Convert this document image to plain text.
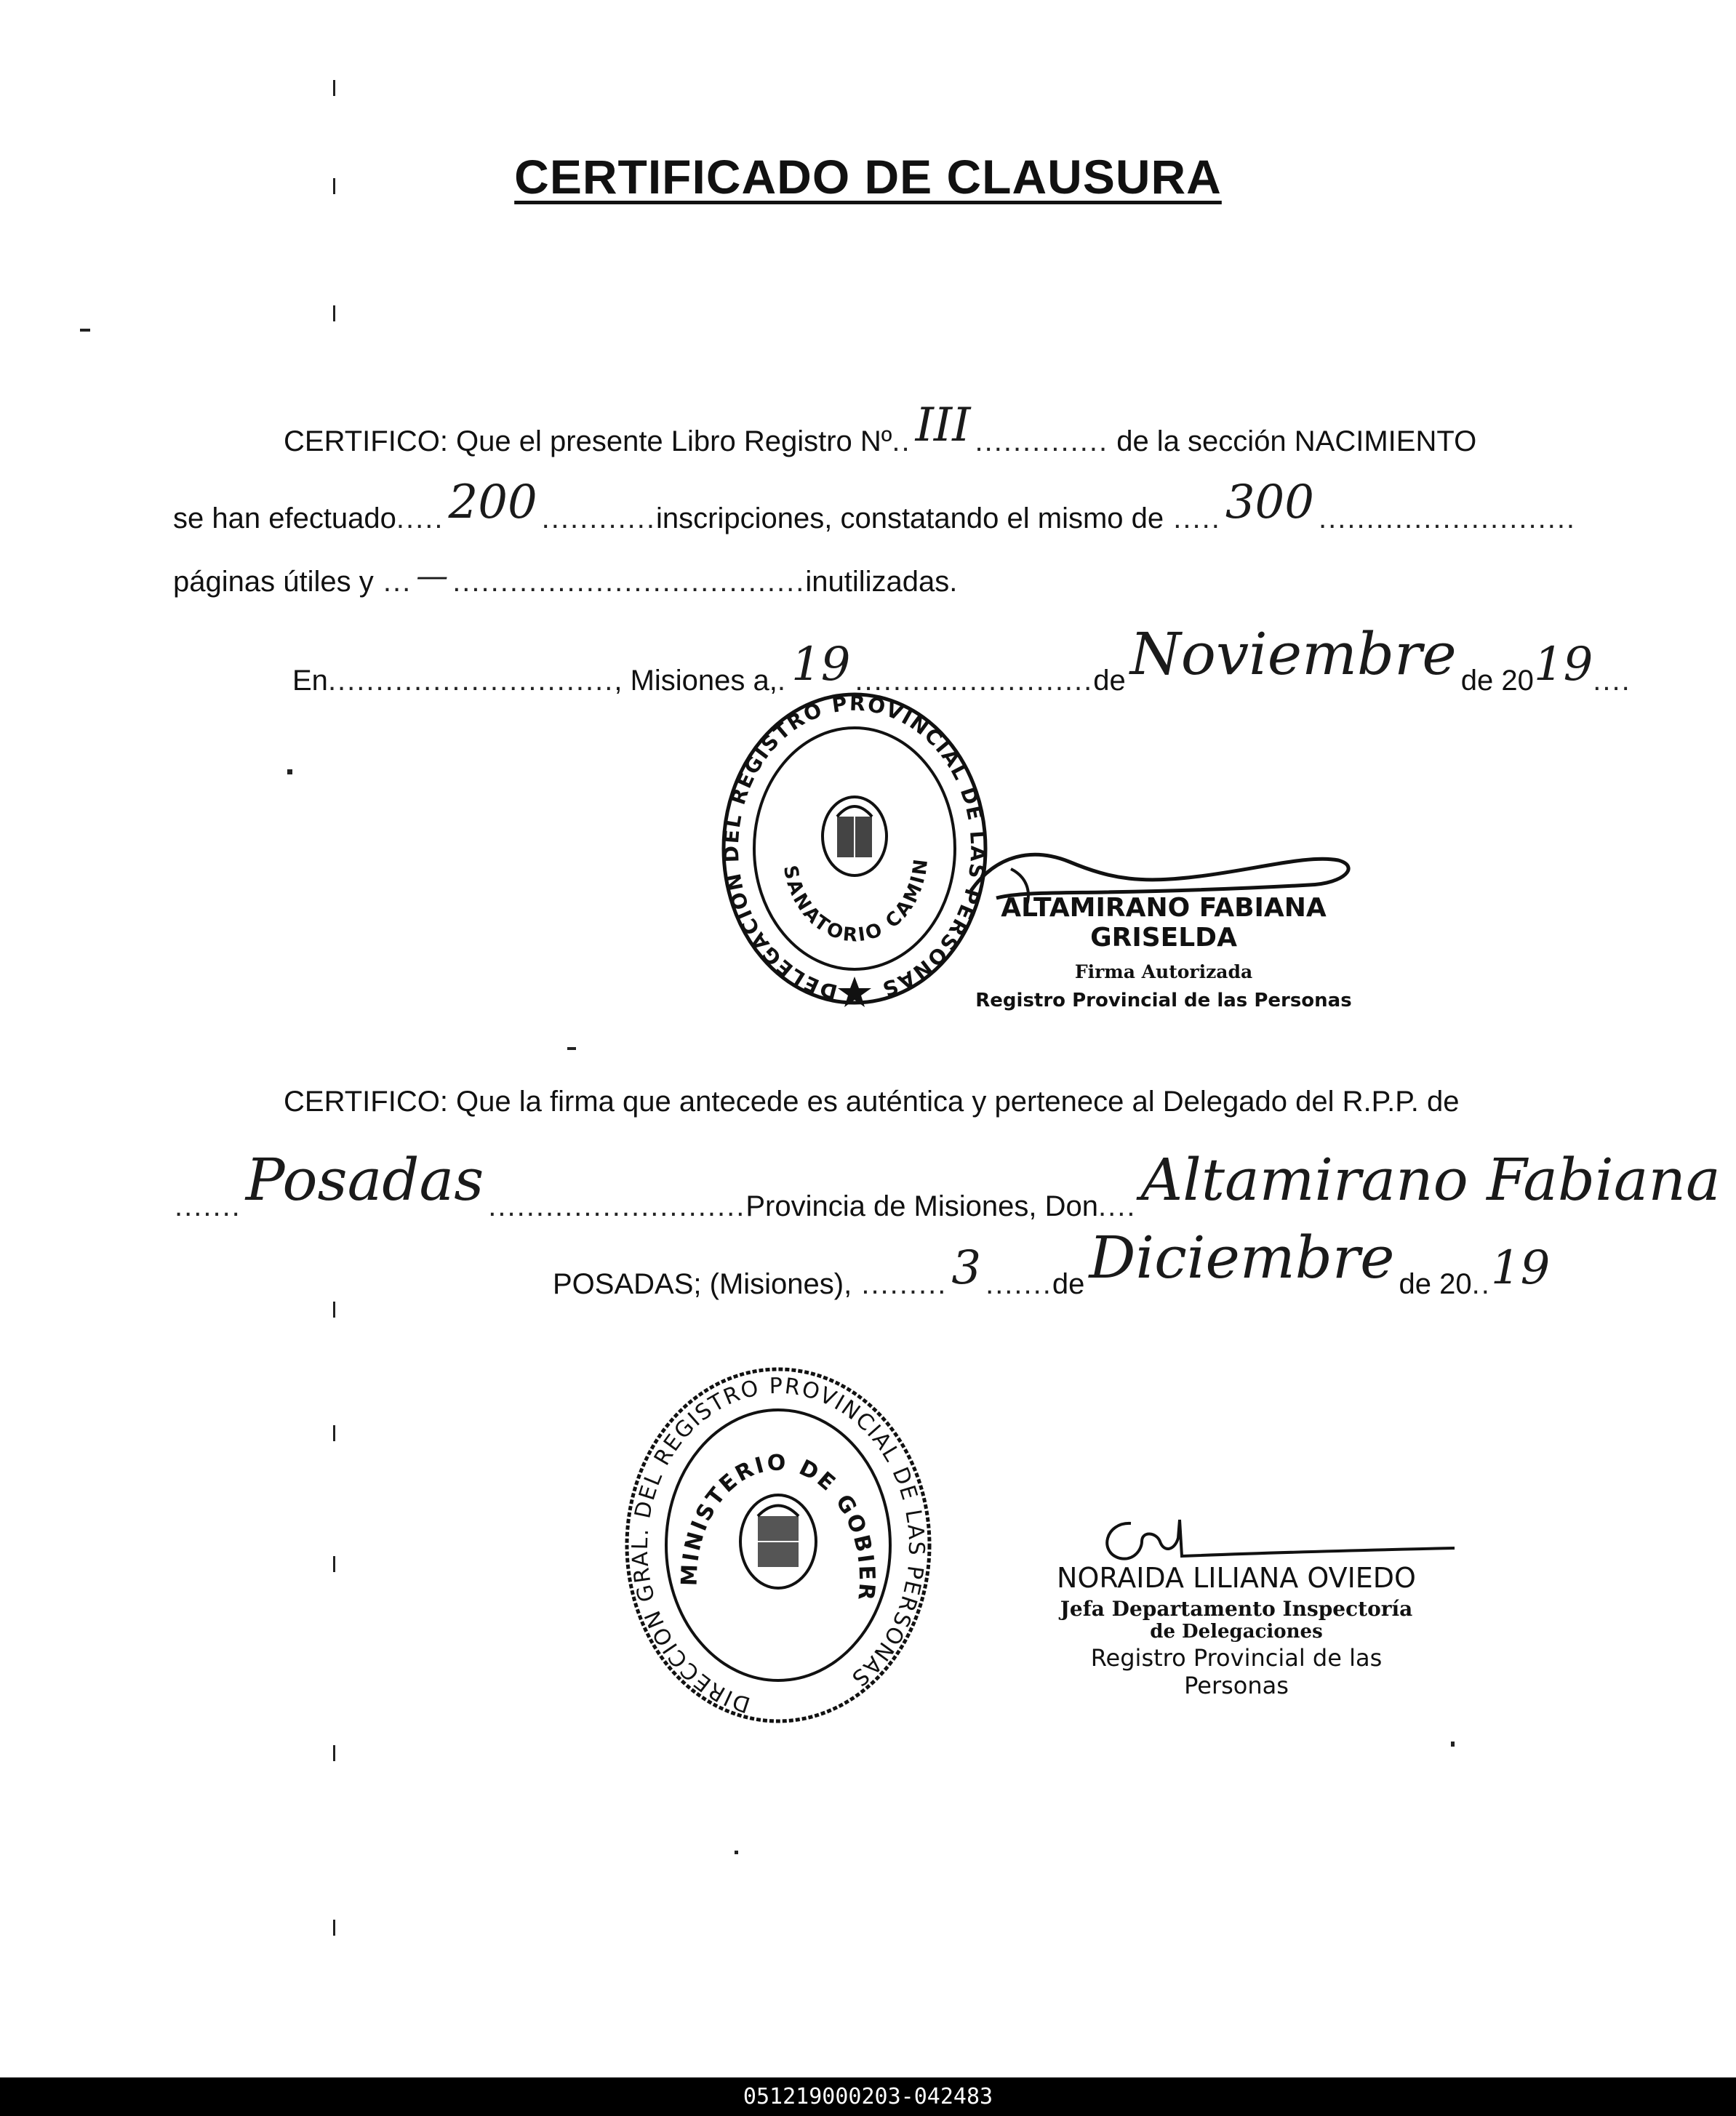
CERTIFICADO DE CLAUSURA
CERTIFICO: Que el presente Libro Registro Nº..III .............. de la sección NACIMIENTO
se han efectuado.....200 ............inscripciones, constatando el mismo de .....300 ...........................
páginas útiles y ... — .....................................inutilizadas.
En.............................., Misiones a,.19 .........................deNoviembre de 2019....
DELEGACION DEL REGISTRO PROVINCIAL DE LAS PERSONAS
SANATORIO CAMIN
ALTAMIRANO FABIANA GRISELDA
Firma Autorizada
Registro Provincial de las Personas
CERTIFICO: Que la firma que antecede es auténtica y pertenece al Delegado del R.P.P. de
.......Posadas ...........................Provincia de Misiones, Don....Altamirano Fabiana
POSADAS; (Misiones), .........3 .......deDiciembre de 20..19
DIRECCION GRAL. DEL REGISTRO PROVINCIAL DE LAS PERSONAS
MINISTERIO DE GOBIER	NORAIDA LILIANA OVIEDO
Jefa Departamento Inspectoría
de Delegaciones
Registro Provincial de las Personas
051219000203-042483
